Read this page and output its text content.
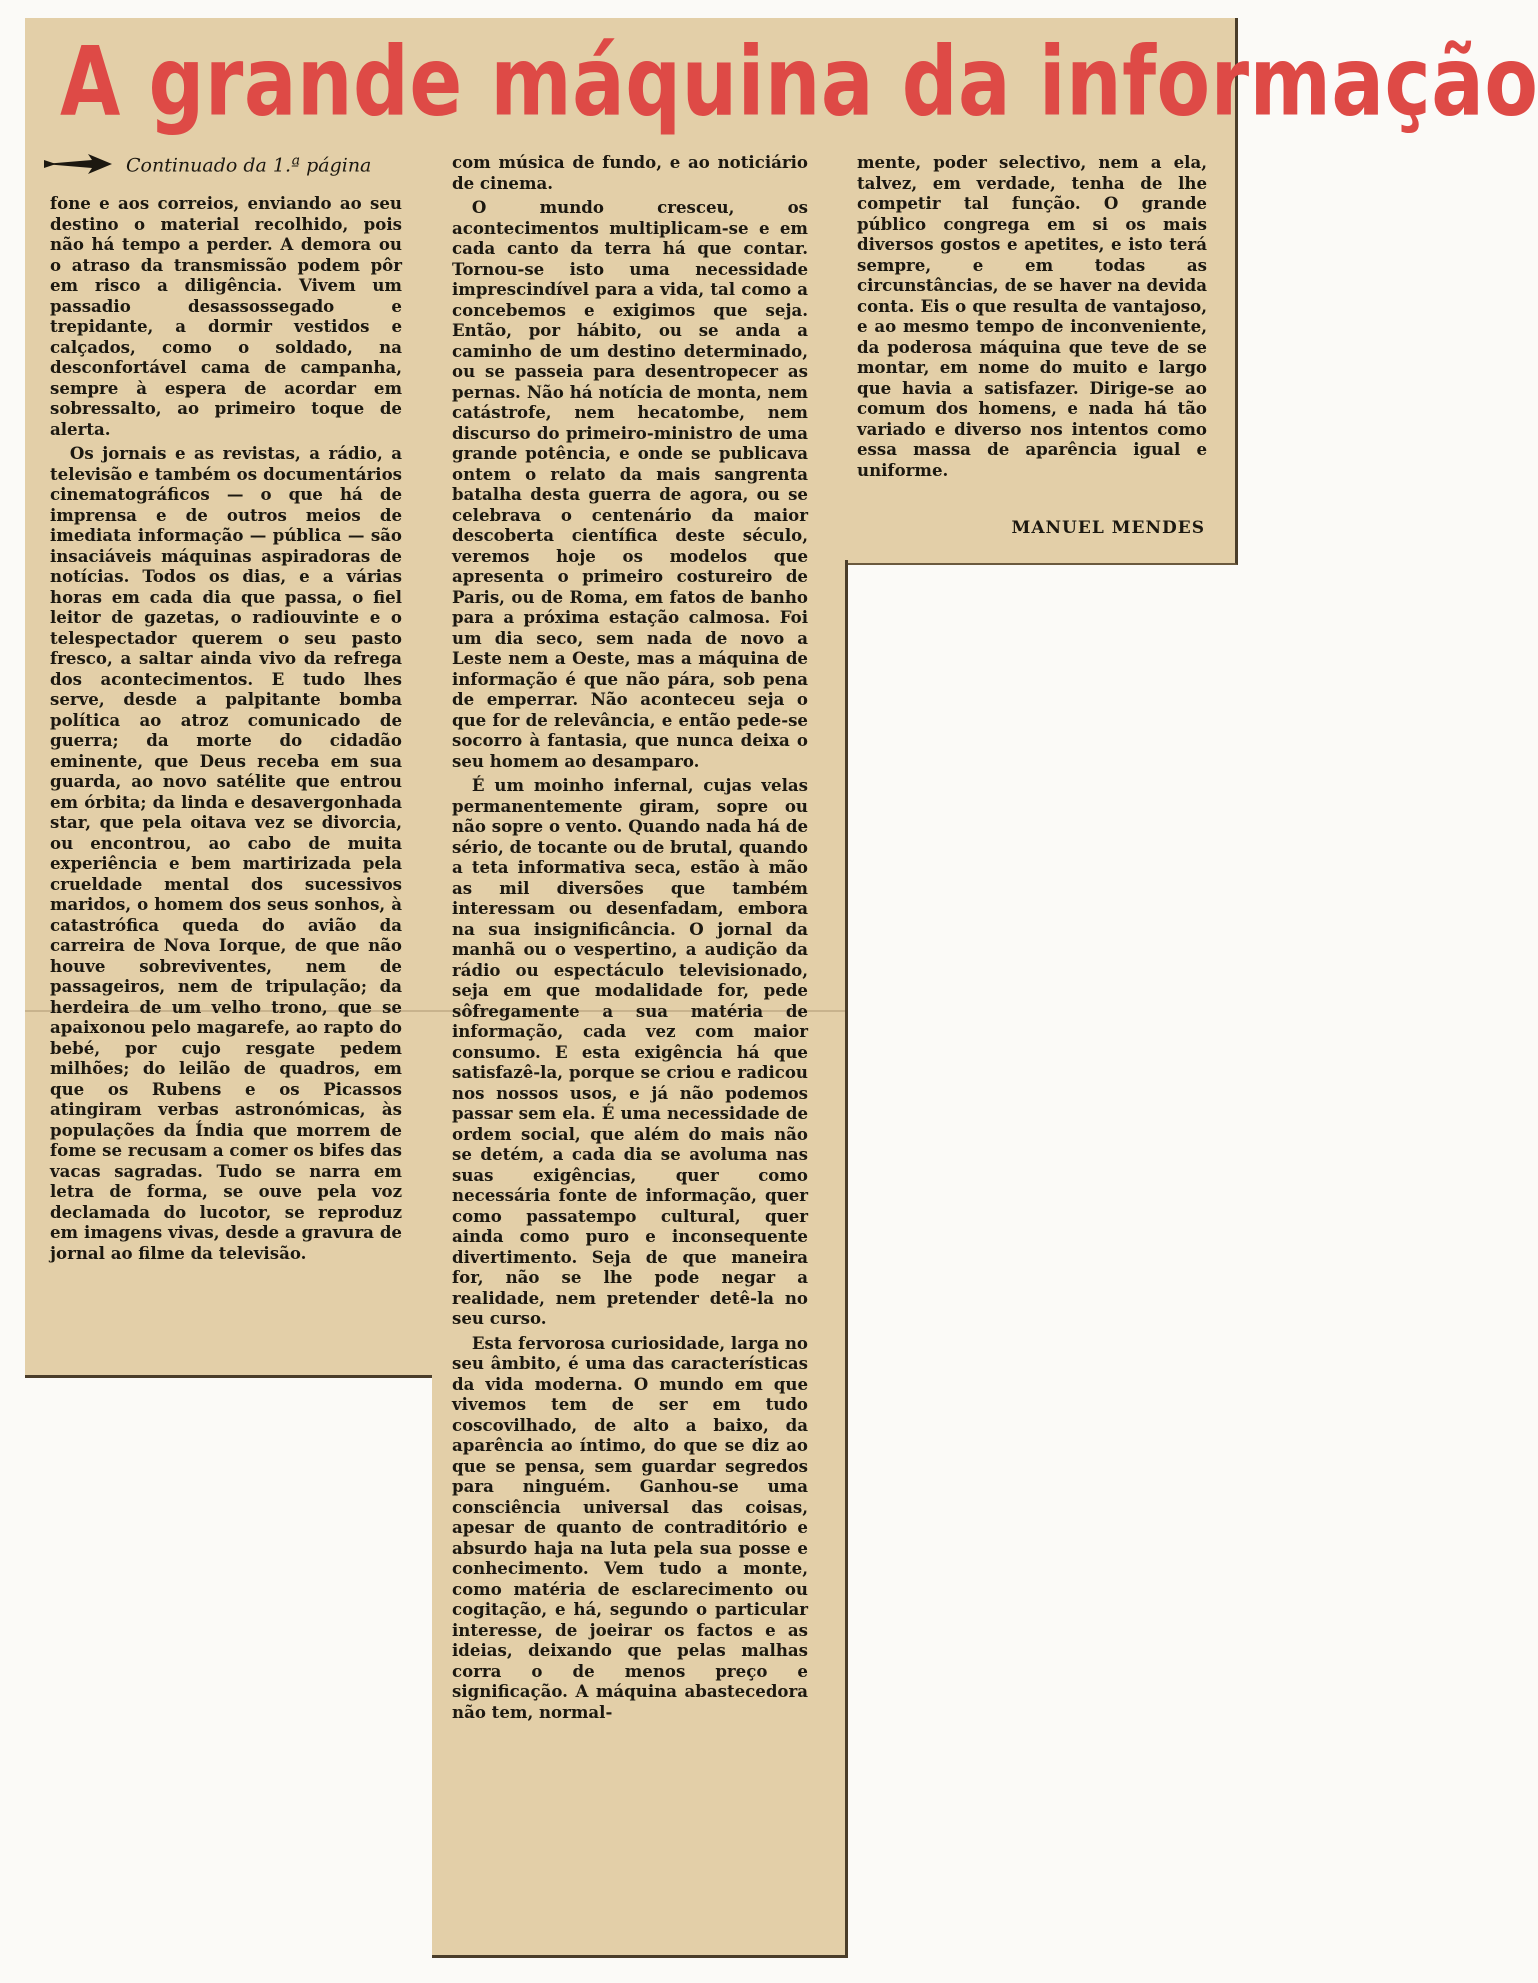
A grande máquina da informação
Continuado da 1.ª página

fone e aos correios, enviando ao seu destino o material recolhido, pois não há tempo a perder. A demora ou o atraso da transmissão podem pôr em risco a diligência. Vivem um passadio desassossegado e trepidante, a dormir vestidos e calçados, como o soldado, na desconfortável cama de campanha, sempre à espera de acordar em sobressalto, ao primeiro toque de alerta.

Os jornais e as revistas, a rádio, a televisão e também os documentários cinematográficos — o que há de imprensa e de outros meios de imediata informação — pública — são insaciáveis máquinas aspiradoras de notícias. Todos os dias, e a várias horas em cada dia que passa, o fiel leitor de gazetas, o radiouvinte e o telespectador querem o seu pasto fresco, a saltar ainda vivo da refrega dos acontecimentos. E tudo lhes serve, desde a palpitante bomba política ao atroz comunicado de guerra; da morte do cidadão eminente, que Deus receba em sua guarda, ao novo satélite que entrou em órbita; da linda e desavergonhada star, que pela oitava vez se divorcia, ou encontrou, ao cabo de muita experiência e bem martirizada pela crueldade mental dos sucessivos maridos, o homem dos seus sonhos, à catastrófica queda do avião da carreira de Nova Iorque, de que não houve sobreviventes, nem de passageiros, nem de tripulação; da herdeira de um velho trono, que se apaixonou pelo magarefe, ao rapto do bebé, por cujo resgate pedem milhões; do leilão de quadros, em que os Rubens e os Picassos atingiram verbas astronómicas, às populações da Índia que morrem de fome se recusam a comer os bifes das vacas sagradas. Tudo se narra em letra de forma, se ouve pela voz declamada do lucotor, se reproduz em imagens vivas, desde a gravura de jornal ao filme da televisão.

com música de fundo, e ao noticiário de cinema.

O mundo cresceu, os acontecimentos multiplicam-se e em cada canto da terra há que contar. Tornou-se isto uma necessidade imprescindível para a vida, tal como a concebemos e exigimos que seja. Então, por hábito, ou se anda a caminho de um destino determinado, ou se passeia para desentropecer as pernas. Não há notícia de monta, nem catástrofe, nem hecatombe, nem discurso do primeiro-ministro de uma grande potência, e onde se publicava ontem o relato da mais sangrenta batalha desta guerra de agora, ou se celebrava o centenário da maior descoberta científica deste século, veremos hoje os modelos que apresenta o primeiro costureiro de Paris, ou de Roma, em fatos de banho para a próxima estação calmosa. Foi um dia seco, sem nada de novo a Leste nem a Oeste, mas a máquina de informação é que não pára, sob pena de emperrar. Não aconteceu seja o que for de relevância, e então pede-se socorro à fantasia, que nunca deixa o seu homem ao desamparo.

É um moinho infernal, cujas velas permanentemente giram, sopre ou não sopre o vento. Quando nada há de sério, de tocante ou de brutal, quando a teta informativa seca, estão à mão as mil diversões que também interessam ou desenfadam, embora na sua insignificância. O jornal da manhã ou o vespertino, a audição da rádio ou espectáculo televisionado, seja em que modalidade for, pede sôfregamente a sua matéria de informação, cada vez com maior consumo. E esta exigência há que satisfazê-la, porque se criou e radicou nos nossos usos, e já não podemos passar sem ela. É uma necessidade de ordem social, que além do mais não se detém, a cada dia se avoluma nas suas exigências, quer como necessária fonte de informação, quer como passatempo cultural, quer ainda como puro e inconsequente divertimento. Seja de que maneira for, não se lhe pode negar a realidade, nem pretender detê-la no seu curso.

Esta fervorosa curiosidade, larga no seu âmbito, é uma das características da vida moderna. O mundo em que vivemos tem de ser em tudo coscovilhado, de alto a baixo, da aparência ao íntimo, do que se diz ao que se pensa, sem guardar segredos para ninguém. Ganhou-se uma consciência universal das coisas, apesar de quanto de contraditório e absurdo haja na luta pela sua posse e conhecimento. Vem tudo a monte, como matéria de esclarecimento ou cogitação, e há, segundo o particular interesse, de joeirar os factos e as ideias, deixando que pelas malhas corra o de menos preço e significação. A máquina abastecedora não tem, normal-

mente, poder selectivo, nem a ela, talvez, em verdade, tenha de lhe competir tal função. O grande público congrega em si os mais diversos gostos e apetites, e isto terá sempre, e em todas as circunstâncias, de se haver na devida conta. Eis o que resulta de vantajoso, e ao mesmo tempo de inconveniente, da poderosa máquina que teve de se montar, em nome do muito e largo que havia a satisfazer. Dirige-se ao comum dos homens, e nada há tão variado e diverso nos intentos como essa massa de aparência igual e uniforme.

MANUEL MENDES
